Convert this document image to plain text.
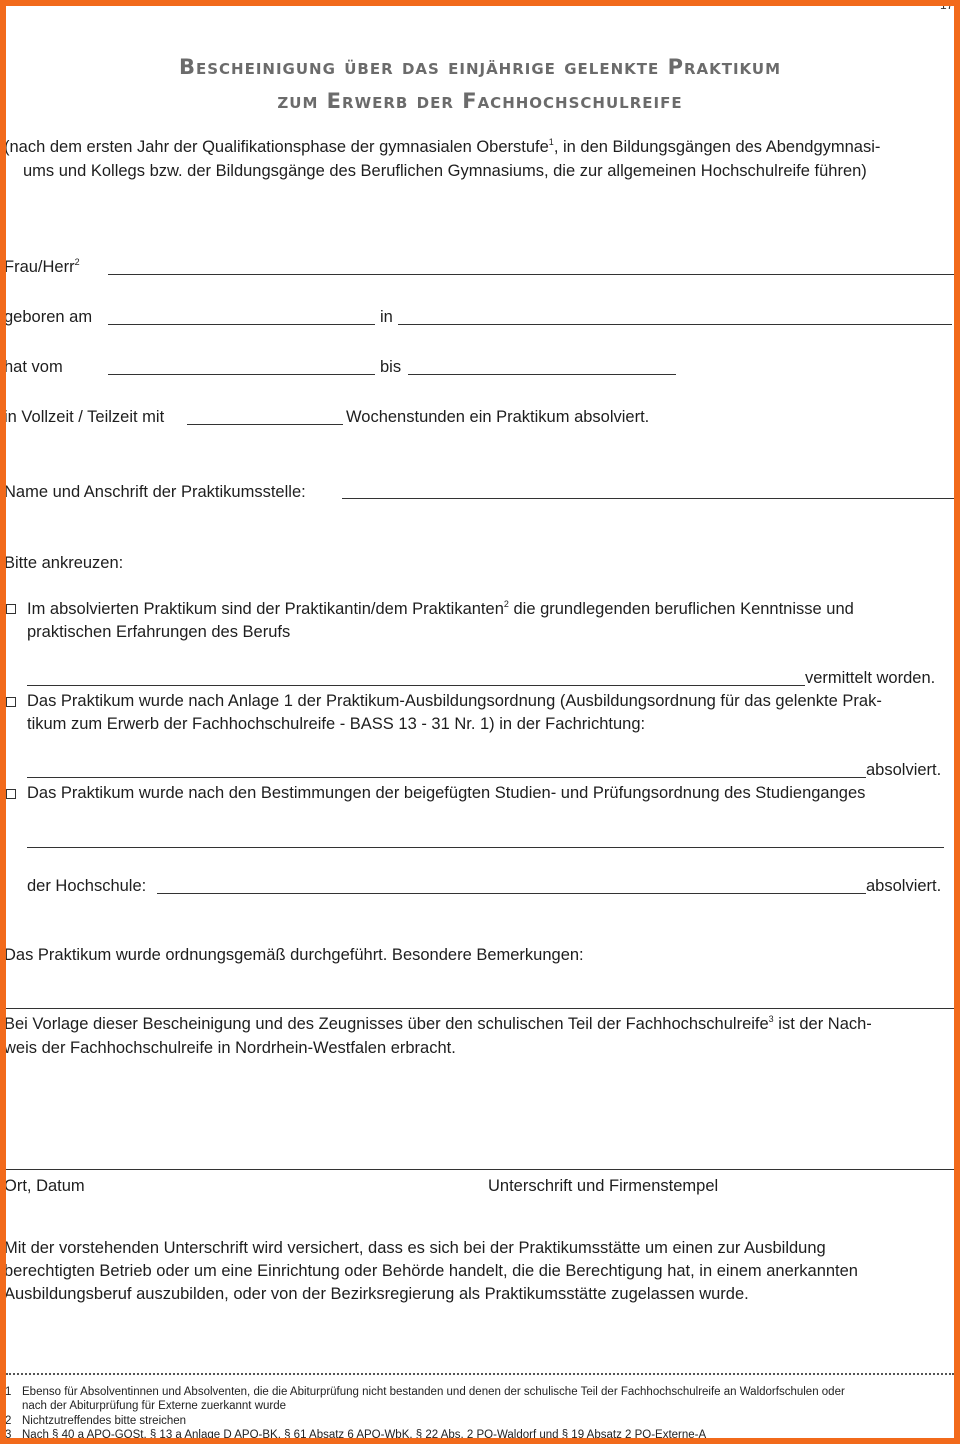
17
Bescheinigung über das einjährige gelenkte Praktikum
zum Erwerb der Fachhochschulreife
(nach dem ersten Jahr der Qualifikationsphase der gymnasialen Oberstufe$^1$, in den Bildungsgängen des Abendgymnasi-
ums und Kollegs bzw. der Bildungsgänge des Beruflichen Gymnasiums, die zur allgemeinen Hochschulreife führen)
Frau/Herr$^2$
geboren am	in
hat vom	bis
in Vollzeit / Teilzeit mit	Wochenstunden ein Praktikum absolviert.
Name und Anschrift der Praktikumsstelle:
Bitte ankreuzen:
Im absolvierten Praktikum sind der Praktikantin/dem Praktikanten$^2$ die grundlegenden beruflichen Kenntnisse und
praktischen Erfahrungen des Berufs
vermittelt worden.
Das Praktikum wurde nach Anlage 1 der Praktikum-Ausbildungsordnung (Ausbildungsordnung für das gelenkte Prak-
tikum zum Erwerb der Fachhochschulreife - BASS 13 - 31 Nr. 1) in der Fachrichtung:
absolviert.
Das Praktikum wurde nach den Bestimmungen der beigefügten Studien- und Prüfungsordnung des Studienganges
der Hochschule:	absolviert.
Das Praktikum wurde ordnungsgemäß durchgeführt. Besondere Bemerkungen:
Bei Vorlage dieser Bescheinigung und des Zeugnisses über den schulischen Teil der Fachhochschulreife$^3$ ist der Nach-
weis der Fachhochschulreife in Nordrhein-Westfalen erbracht.
Ort, Datum	Unterschrift und Firmenstempel
Mit der vorstehenden Unterschrift wird versichert, dass es sich bei der Praktikumsstätte um einen zur Ausbildung
berechtigten Betrieb oder um eine Einrichtung oder Behörde handelt, die die Berechtigung hat, in einem anerkannten
Ausbildungsberuf auszubilden, oder von der Bezirksregierung als Praktikumsstätte zugelassen wurde.
1 Ebenso für Absolventinnen und Absolventen, die die Abiturprüfung nicht bestanden und denen der schulische Teil der Fachhochschulreife an Waldorfschulen oder
nach der Abiturprüfung für Externe zuerkannt wurde
2 Nichtzutreffendes bitte streichen
3 Nach § 40 a APO-GOSt, § 13 a Anlage D APO-BK, § 61 Absatz 6 APO-WbK, § 22 Abs. 2 PO-Waldorf und § 19 Absatz 2 PO-Externe-A
